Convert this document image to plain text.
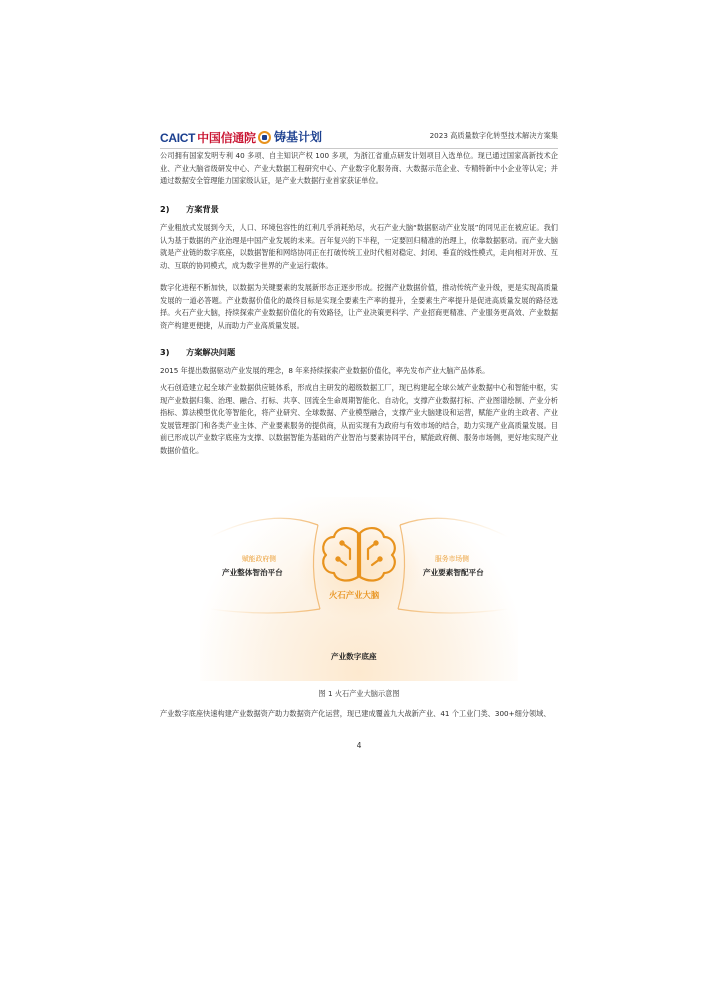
CAICT 中国信通院	铸基计划	2023 高质量数字化转型技术解决方案集
公司拥有国家发明专利 40 多项、自主知识产权 100 多项，为浙江省重点研发计划项目入选单位。现已通过国家高新技术企业、产业大脑省级研发中心、产业大数据工程研究中心、产业数字化服务商、大数据示范企业、专精特新中小企业等认定；并通过数据安全管理能力国家级认证，是产业大数据行业首家获证单位。
2) 方案背景
产业粗放式发展到今天，人口、环境包容性的红利几乎消耗殆尽，火石产业大脑“数据驱动产业发展”的同见正在被应证。我们认为基于数据的产业治理是中国产业发展的未来。百年复兴的下半程，一定要回归精准的治理上，依靠数据驱动。而产业大脑就是产业链的数字底座，以数据智能和网络协同正在打破传统工业时代相对稳定、封闭、垂直的线性模式，走向相对开放、互动、互联的协同模式，成为数字世界的产业运行载体。
数字化进程不断加快，以数据为关键要素的发展新形态正逐步形成。挖掘产业数据价值，推动传统产业升级，更是实现高质量发展的一道必答题。产业数据价值化的最终目标是实现全要素生产率的提升，全要素生产率提升是促进高质量发展的路径选择。火石产业大脑，持续探索产业数据价值化的有效路径，让产业决策更科学、产业招商更精准、产业服务更高效、产业数据资产构建更便捷，从而助力产业高质量发展。
3) 方案解决问题
2015 年提出数据驱动产业发展的理念，8 年来持续探索产业数据价值化，率先发布产业大脑产品体系。
火石创造建立起全球产业数据供应链体系，形成自主研发的超级数据工厂，现已构建起全球公域产业数据中心和智能中枢，实现产业数据归集、治理、融合、打标、共享、回流全生命周期智能化、自动化，支撑产业数据打标、产业图谱绘制、产业分析指标、算法模型优化等智能化，将产业研究、全球数据、产业模型融合，支撑产业大脑建设和运营，赋能产业的主政者、产业发展管理部门和各类产业主体、产业要素服务的提供商，从而实现有为政府与有效市场的结合，助力实现产业高质量发展。目前已形成以产业数字底座为支撑、以数据智能为基础的产业智治与要素协同平台，赋能政府侧、服务市场侧，更好地实现产业数据价值化。
火石产业大脑
赋能政府侧
产业整体智治平台
服务市场侧
产业要素智配平台
产业数字底座
图 1 火石产业大脑示意图
产业数字底座快速构建产业数据资产助力数据资产化运营，现已建成覆盖九大战新产业、41 个工业门类、300+细分领域、
4
